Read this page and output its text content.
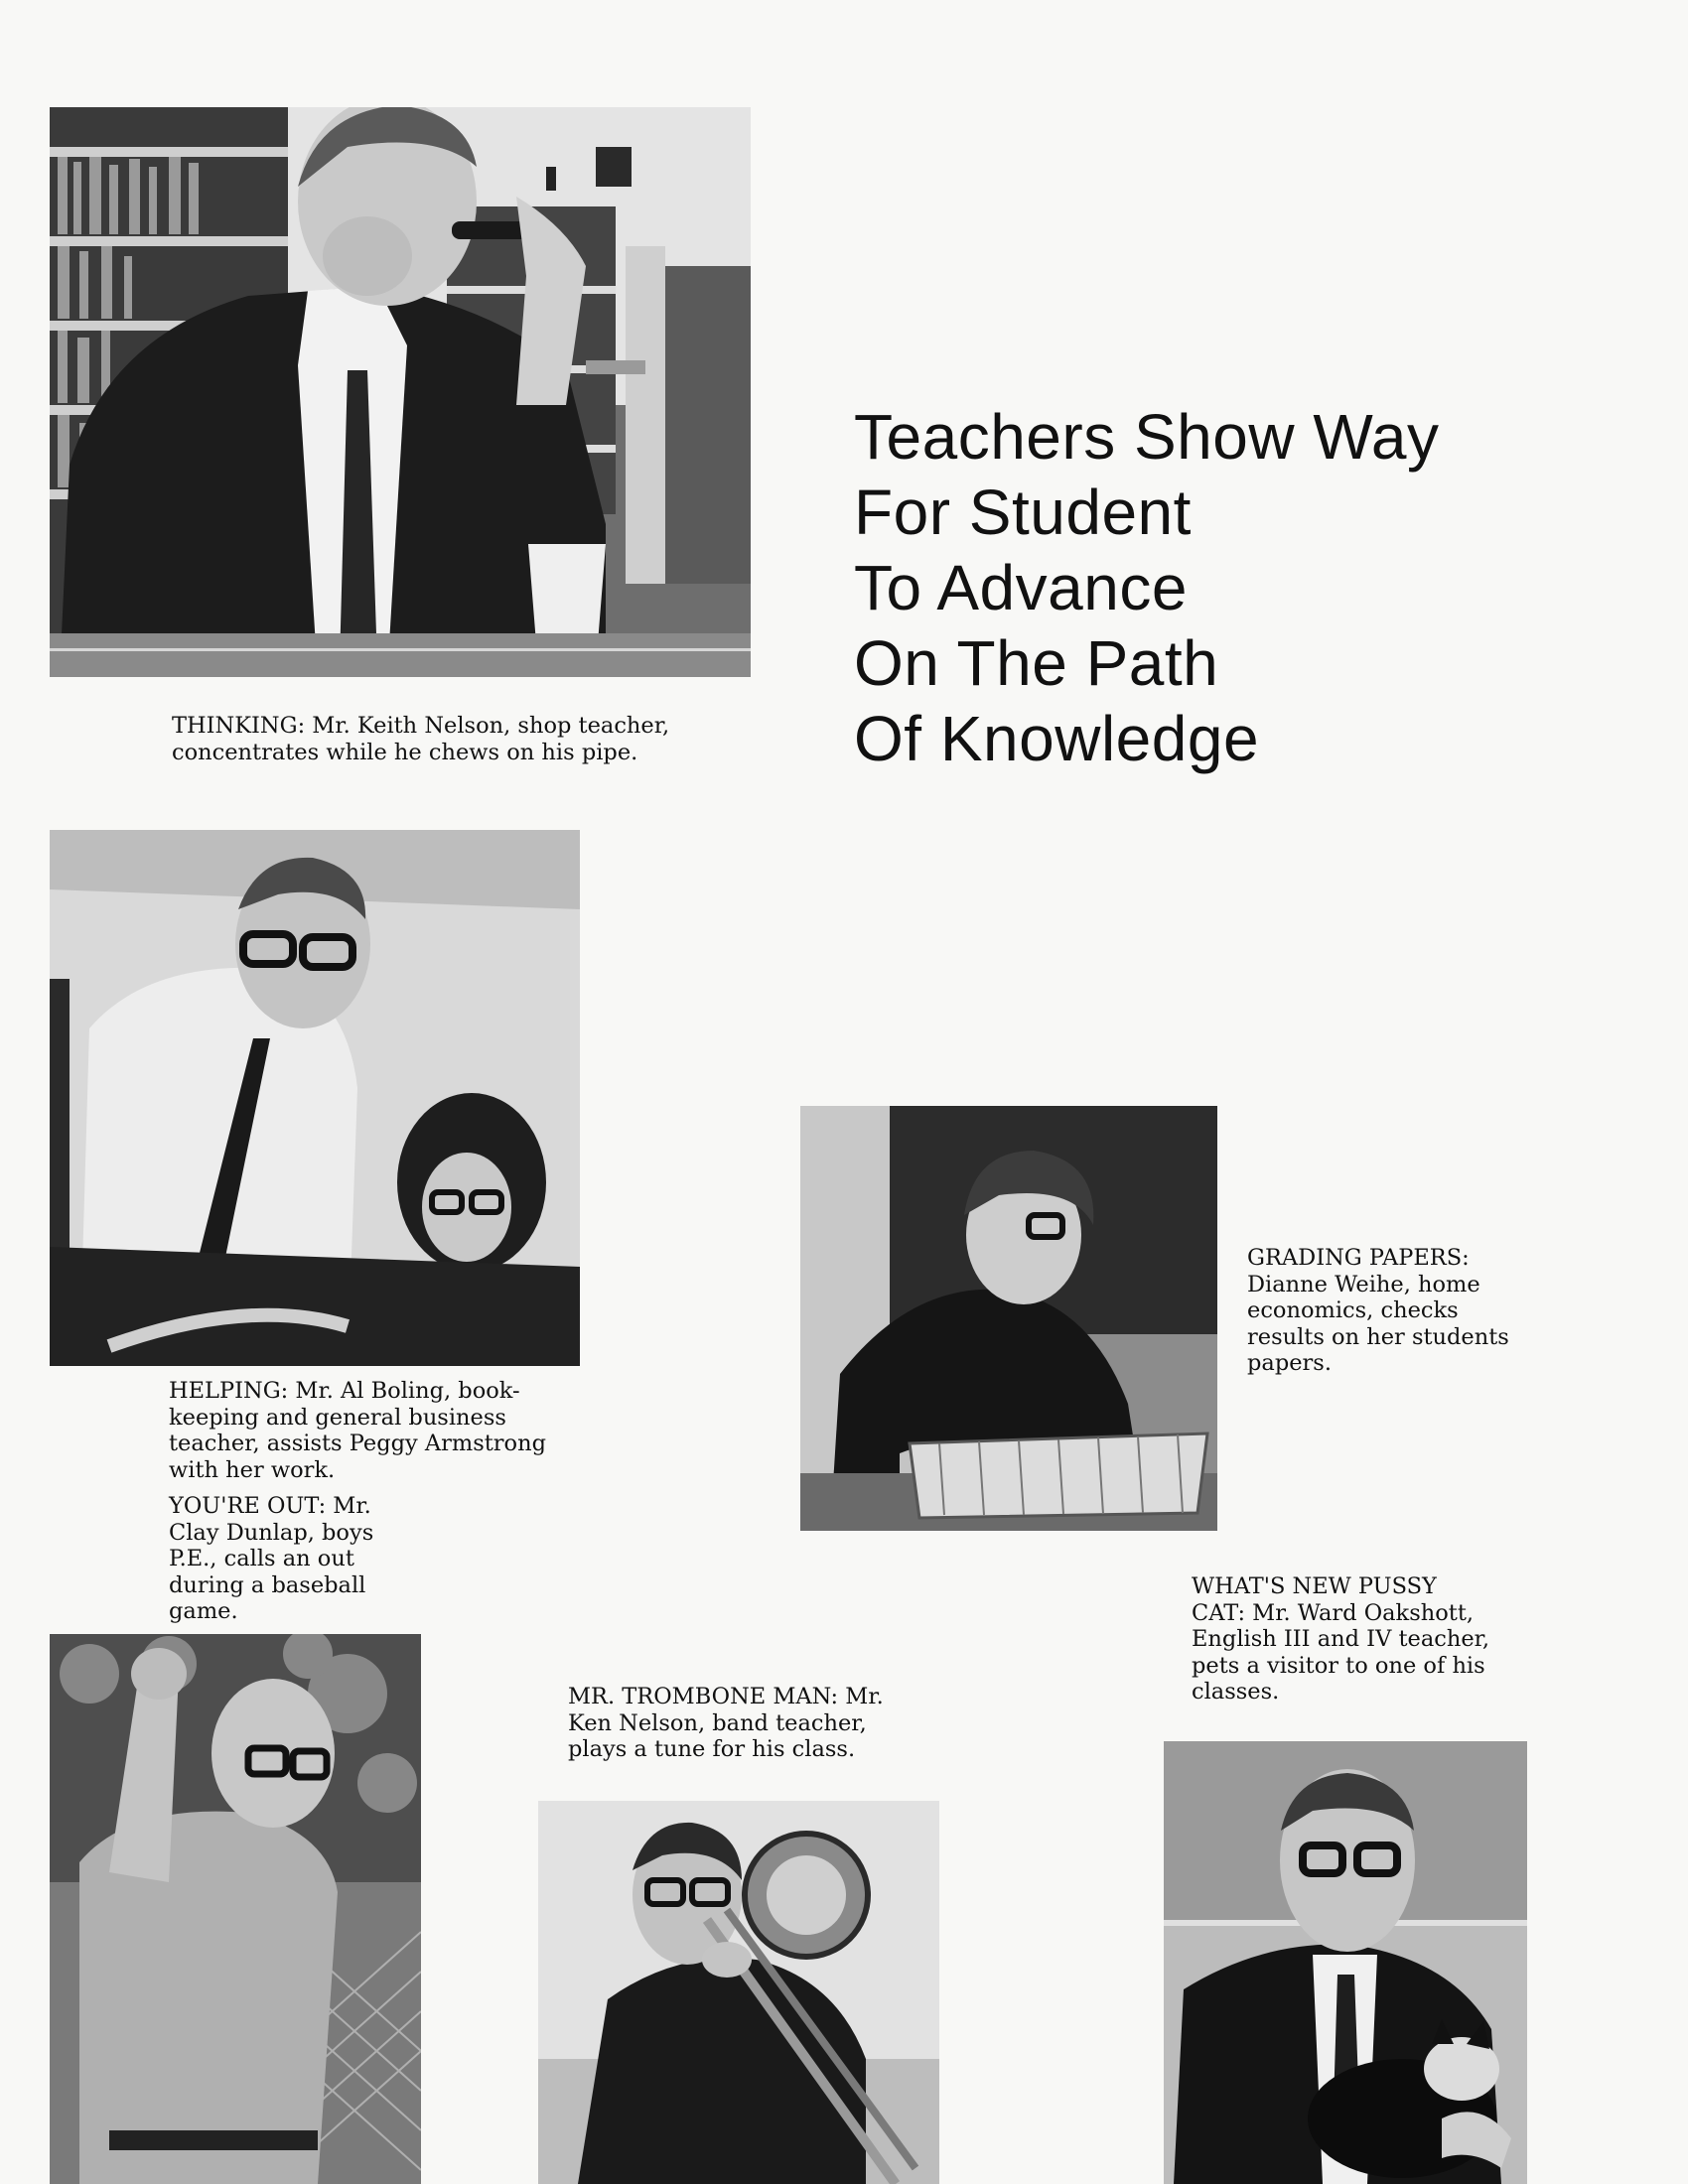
THINKING: Mr. Keith Nelson, shop teacher,
concentrates while he chews on his pipe.
Teachers Show Way
For Student
To Advance
On The Path
Of Knowledge
HELPING: Mr. Al Boling, book-
keeping and general business
teacher, assists Peggy Armstrong
with her work.
YOU'RE OUT: Mr.
Clay Dunlap, boys
P.E., calls an out
during a baseball
game.
GRADING PAPERS:
Dianne Weihe, home
economics, checks
results on her students
papers.
WHAT'S NEW PUSSY
CAT: Mr. Ward Oakshott,
English III and IV teacher,
pets a visitor to one of his
classes.
MR. TROMBONE MAN: Mr.
Ken Nelson, band teacher,
plays a tune for his class.
